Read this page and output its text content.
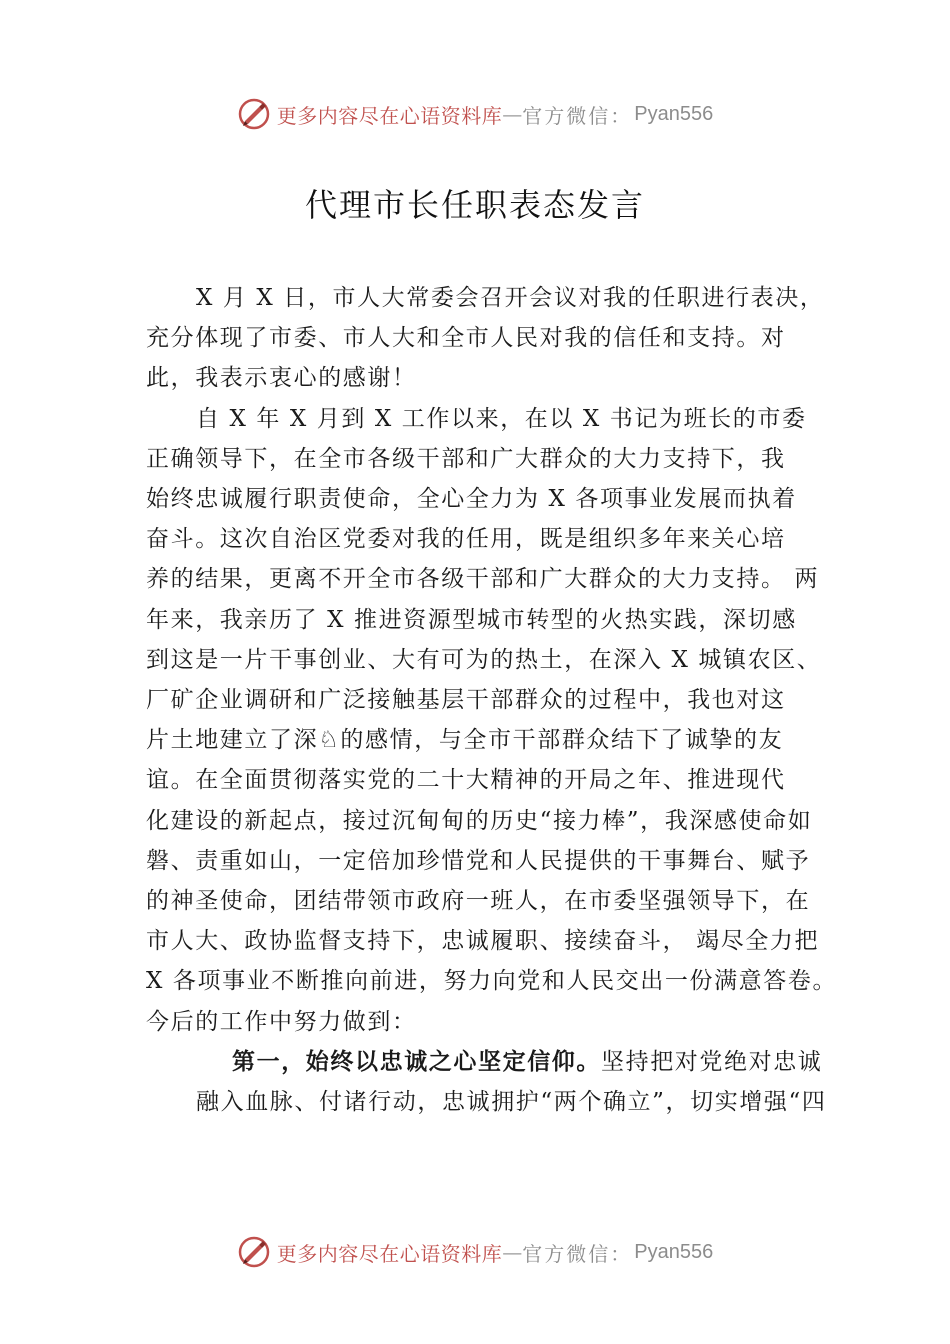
更多内容尽在心语资料库 — 官方微信： Pyan556
代理市长任职表态发言
X 月 X 日，市人大常委会召开会议对我的任职进行表决，
充分体现了市委、市人大和全市人民对我的信任和支持。对
此，我表示衷心的感谢！
自 X 年 X 月到 X 工作以来，在以 X 书记为班长的市委
正确领导下，在全市各级干部和广大群众的大力支持下，我
始终忠诚履行职责使命，全心全力为 X 各项事业发展而执着
奋斗。这次自治区党委对我的任用，既是组织多年来关心培
养的结果，更离不开全市各级干部和广大群众的大力支持。 两
年来，我亲历了 X 推进资源型城市转型的火热实践，深切感
到这是一片干事创业、大有可为的热土，在深入 X 城镇农区、
厂矿企业调研和广泛接触基层干部群众的过程中，我也对这
片土地建立了深♘的感情，与全市干部群众结下了诚挚的友
谊。在全面贯彻落实党的二十大精神的开局之年、推进现代
化建设的新起点，接过沉甸甸的历史“接力棒”，我深感使命如
磐、责重如山，一定倍加珍惜党和人民提供的干事舞台、赋予
的神圣使命，团结带领市政府一班人，在市委坚强领导下，在
市人大、政协监督支持下，忠诚履职、接续奋斗， 竭尽全力把
X 各项事业不断推向前进，努力向党和人民交出一份满意答卷。
今后的工作中努力做到：
第一，始终以忠诚之心坚定信仰。坚持把对党绝对忠诚
融入血脉、付诸行动，忠诚拥护“两个确立”，切实增强“四
更多内容尽在心语资料库 — 官方微信： Pyan556
